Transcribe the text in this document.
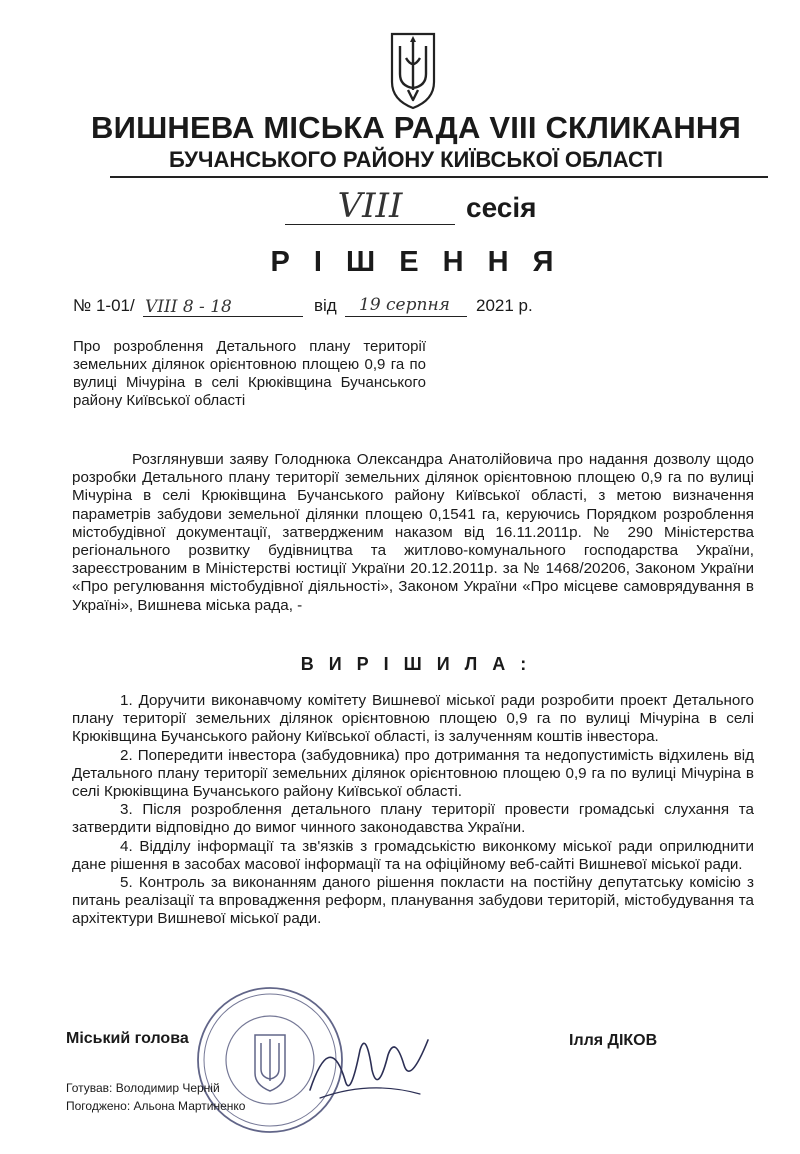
ВИШНЕВА МІСЬКА РАДА VIII СКЛИКАННЯ
БУЧАНСЬКОГО РАЙОНУ КИЇВСЬКОЇ ОБЛАСТІ
VIII	сесія
Р І Ш Е Н Н Я
№ 1-01/ VIII 8 - 18	від 19 серпня 2021 р.
Про розроблення Детального плану території земельних ділянок орієнтовною площею 0,9 га по вулиці Мічуріна в селі Крюківщина Бучанського району Київської області
Розглянувши заяву Голоднюка Олександра Анатолійовича про надання дозволу щодо розробки Детального плану території земельних ділянок орієнтовною площею 0,9 га по вулиці Мічуріна в селі Крюківщина Бучанського району Київської області, з метою визначення параметрів забудови земельної ділянки площею 0,1541 га, керуючись Порядком розроблення містобудівної документації, затвердженим наказом від 16.11.2011р. № 290 Міністерства регіонального розвитку будівництва та житлово-комунального господарства України, зареєстрованим в Міністерстві юстиції України 20.12.2011р. за № 1468/20206, Законом України «Про регулювання містобудівної діяльності», Законом України «Про місцеве самоврядування в Україні», Вишнева міська рада, -
В И Р І Ш И Л А :

1. Доручити виконавчому комітету Вишневої міської ради розробити проект Детального плану території земельних ділянок орієнтовною площею 0,9 га по вулиці Мічуріна в селі Крюківщина Бучанського району Київської області, із залученням коштів інвестора.

2. Попередити інвестора (забудовника) про дотримання та недопустимість відхилень від Детального плану території земельних ділянок орієнтовною площею 0,9 га по вулиці Мічуріна в селі Крюківщина Бучанського району Київської області.

3. Після розроблення детального плану території провести громадські слухання та затвердити відповідно до вимог чинного законодавства України.

4. Відділу інформації та зв'язків з громадськістю виконкому міської ради оприлюднити дане рішення в засобах масової інформації та на офіційному веб-сайті Вишневої міської ради.

5. Контроль за виконанням даного рішення покласти на постійну депутатську комісію з питань реалізації та впровадження реформ, планування забудови територій, містобудування та архітектури Вишневої міської ради.

Міський голова	Ілля ДІКОВ
Готував: Володимир Черній
Погоджено: Альона Мартиненко
